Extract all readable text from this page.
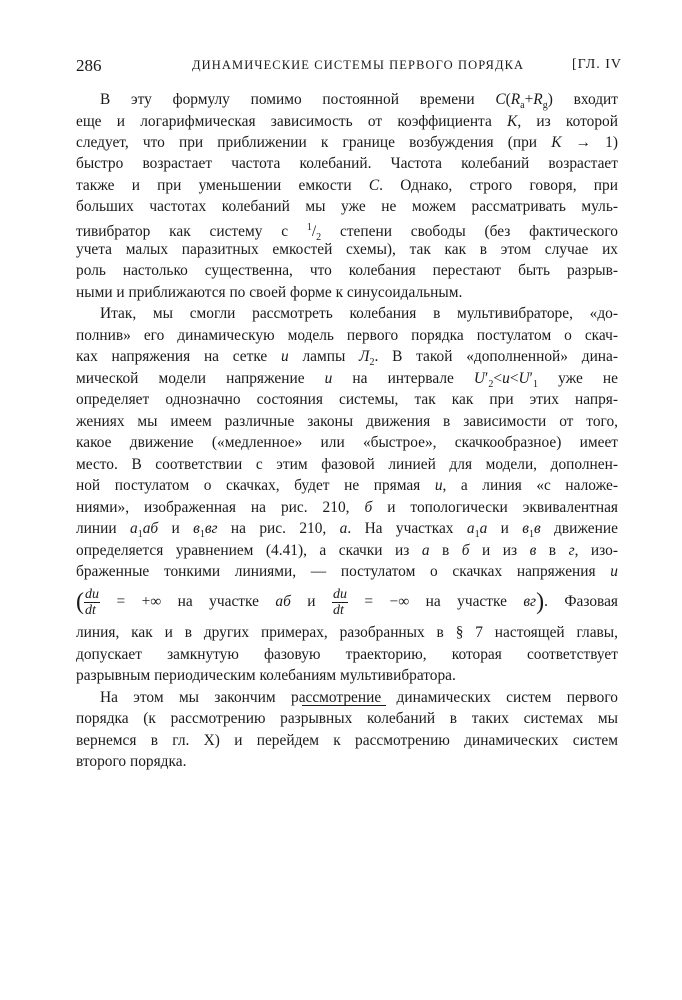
286	ДИНАМИЧЕСКИЕ СИСТЕМЫ ПЕРВОГО ПОРЯДКА	[ГЛ. IV
В эту формулу помимо постоянной времени $C(R_a+R_g)$ входит
еще и логарифмическая зависимость от коэффициента K, из которой
следует, что при приближении к границе возбуждения (при K → 1)
быстро возрастает частота колебаний. Частота колебаний возрастает
также и при уменьшении емкости C. Однако, строго говоря, при
больших частотах колебаний мы уже не можем рассматривать муль-
тивибратор как систему с $^1/_2$ степени свободы (без фактического
учета малых паразитных емкостей схемы), так как в этом случае их
роль настолько существенна, что колебания перестают быть разрыв-
ными и приближаются по своей форме к синусоидальным.
Итак, мы смогли рассмотреть колебания в мультивибраторе, «до-
полнив» его динамическую модель первого порядка постулатом о скач-
ках напряжения на сетке u лампы $Л_2$. В такой «дополненной» дина-
мической модели напряжение u на интервале $U'_2<u<U'_1$ уже не
определяет однозначно состояния системы, так как при этих напря-
жениях мы имеем различные законы движения в зависимости от того,
какое движение («медленное» или «быстрое», скачкообразное) имеет
место. В соответствии с этим фазовой линией для модели, дополнен-
ной постулатом о скачках, будет не прямая u, а линия «с наложе-
ниями», изображенная на рис. 210, б и топологически эквивалентная
линии $a_1aб$ и $в_1вг$ на рис. 210, a. На участках $a_1a$ и $в_1в$ движение
определяется уравнением (4.41), а скачки из a в б и из в в г, изо-
браженные тонкими линиями, — постулатом о скачках напряжения u
( $\frac{du}{dt}$ = +∞ на участке aб и $\frac{du}{dt}$ = −∞ на участке вг). Фазовая
линия, как и в других примерах, разобранных в § 7 настоящей главы,
допускает замкнутую фазовую траекторию, которая соответствует
разрывным периодическим колебаниям мультивибратора.
На этом мы закончим рассмотрение динамических систем первого
порядка (к рассмотрению разрывных колебаний в таких системах мы
вернемся в гл. X) и перейдем к рассмотрению динамических систем
второго порядка.
